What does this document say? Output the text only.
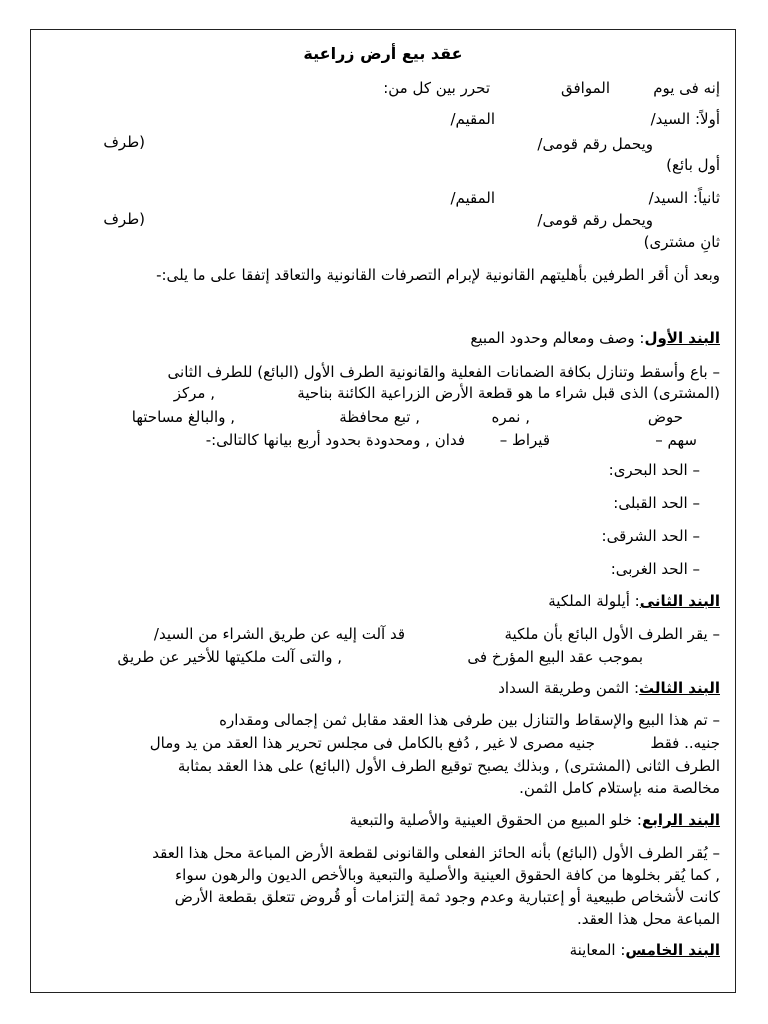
عقد بيع أرض زراعية
إنه فى يوم
الموافق
تحرر بين كل من:
أولاً: السيد/
المقيم/
ويحمل رقم قومى/
(طرف
أول بائع)
ثانياً: السيد/
المقيم/
ويحمل رقم قومى/
(طرف
ثانِ مشترى)
وبعد أن أقر الطرفين بأهليتهم القانونية لإبرام التصرفات القانونية والتعاقد إتفقا على ما يلى:-
البند الأول: وصف ومعالم وحدود المبيع
– باع وأسقط وتنازل بكافة الضمانات الفعلية والقانونية الطرف الأول (البائع) للطرف الثانى
(المشترى) الذى قبل شراء ما هو قطعة الأرض الزراعية الكائنة بناحية
, مركز
حوض
, نمره
, تبع محافظة
, والبالغ مساحتها
سهم –
قيراط –
فدان , ومحدودة بحدود أربع بيانها كالتالى:-
– الحد البحرى:
– الحد القبلى:
– الحد الشرقى:
– الحد الغربى:
البند الثانى: أيلولة الملكية
– يقر الطرف الأول البائع بأن ملكية
قد آلت إليه عن طريق الشراء من السيد/
بموجب عقد البيع المؤرخ فى
, والتى آلت ملكيتها للأخير عن طريق
البند الثالث: الثمن وطريقة السداد
– تم هذا البيع والإسقاط والتنازل بين طرفى هذا العقد مقابل ثمن إجمالى ومقداره
جنيه.. فقط
جنيه مصرى لا غير , دُفع بالكامل فى مجلس تحرير هذا العقد من يد ومال
الطرف الثانى (المشترى) , وبذلك يصبح توقيع الطرف الأول (البائع) على هذا العقد بمثابة
مخالصة منه بإستلام كامل الثمن.
البند الرابع: خلو المبيع من الحقوق العينية والأصلية والتبعية
– يُقر الطرف الأول (البائع) بأنه الحائز الفعلى والقانونى لقطعة الأرض المباعة محل هذا العقد
, كما يُقر بخلوها من كافة الحقوق العينية والأصلية والتبعية وبالأخص الديون والرهون سواء
كانت لأشخاص طبيعية أو إعتبارية وعدم وجود ثمة إلتزامات أو قُروض تتعلق بقطعة الأرض
المباعة محل هذا العقد.
البند الخامس: المعاينة
